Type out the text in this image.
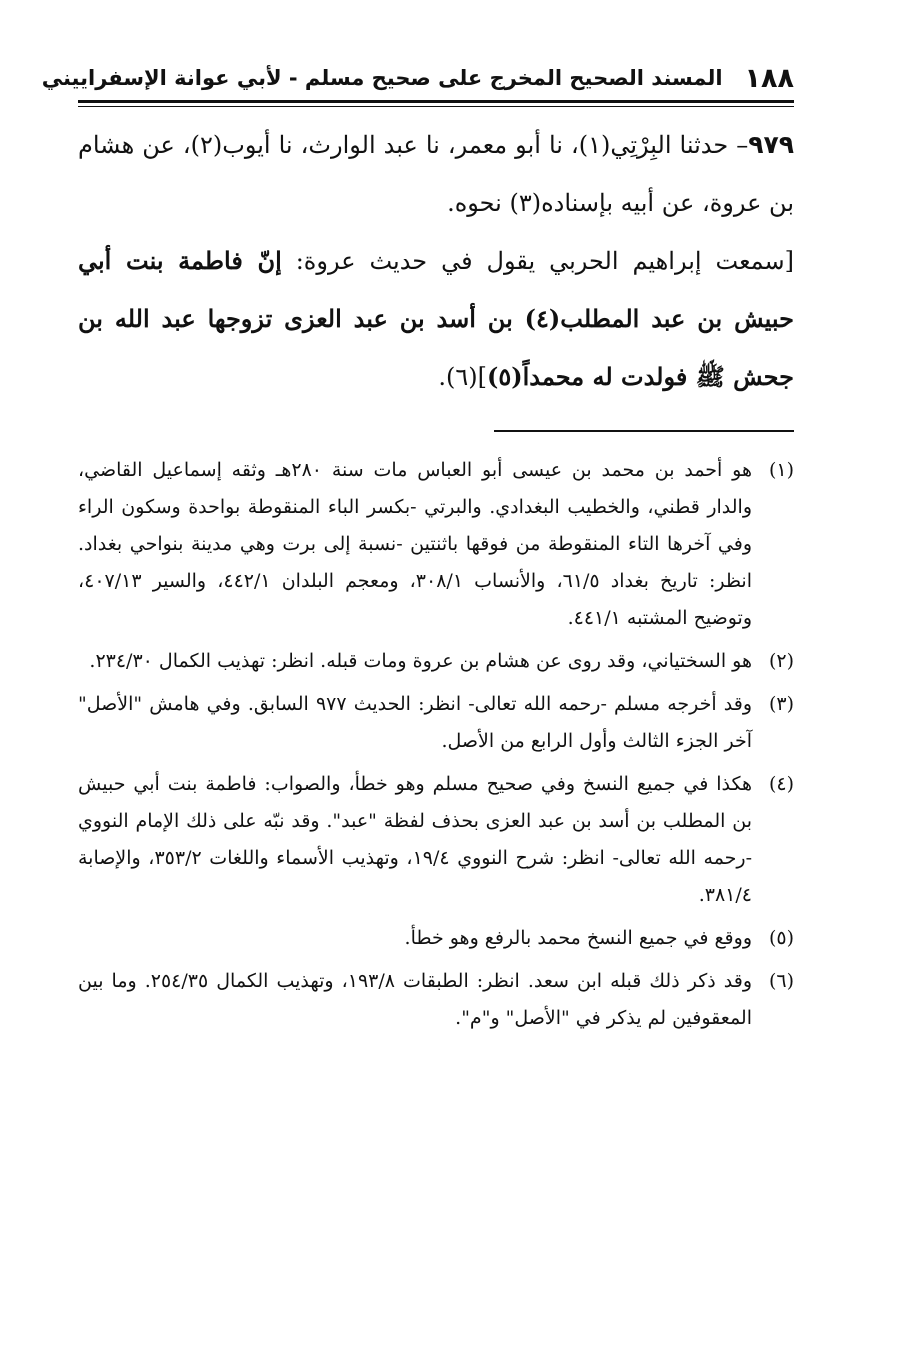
١٨٨
المسند الصحيح المخرج على صحيح مسلم - لأبي عوانة الإسفراييني

٩٧٩– حدثنا البِرْتِي(١)، نا أبو معمر، نا عبد الوارث، نا أيوب(٢)، عن هشام بن عروة، عن أبيه بإسناده(٣) نحوه.

[سمعت إبراهيم الحربي يقول في حديث عروة: إنّ فاطمة بنت أبي حبيش بن عبد المطلب(٤) بن أسد بن عبد العزى تزوجها عبد الله بن جحش ﷺ فولدت له محمداً(٥)](٦).

(١)
هو أحمد بن محمد بن عيسى أبو العباس مات سنة ٢٨٠هـ وثقه إسماعيل القاضي، والدار قطني، والخطيب البغدادي. والبرتي -بكسر الباء المنقوطة بواحدة وسكون الراء وفي آخرها التاء المنقوطة من فوقها باثنتين -نسبة إلى برت وهي مدينة بنواحي بغداد. انظر: تاريخ بغداد ٦١/٥، والأنساب ٣٠٨/١، ومعجم البلدان ٤٤٢/١، والسير ٤٠٧/١٣، وتوضيح المشتبه ٤٤١/١.
(٢)
هو السختياني، وقد روى عن هشام بن عروة ومات قبله. انظر: تهذيب الكمال ٢٣٤/٣٠.
(٣)
وقد أخرجه مسلم -رحمه الله تعالى- انظر: الحديث ٩٧٧ السابق. وفي هامش "الأصل" آخر الجزء الثالث وأول الرابع من الأصل.
(٤)
هكذا في جميع النسخ وفي صحيح مسلم وهو خطأ، والصواب: فاطمة بنت أبي حبيش بن المطلب بن أسد بن عبد العزى بحذف لفظة "عبد". وقد نبّه على ذلك الإمام النووي -رحمه الله تعالى- انظر: شرح النووي ١٩/٤، وتهذيب الأسماء واللغات ٣٥٣/٢، والإصابة ٣٨١/٤.
(٥)
ووقع في جميع النسخ محمد بالرفع وهو خطأ.
(٦)
وقد ذكر ذلك قبله ابن سعد. انظر: الطبقات ١٩٣/٨، وتهذيب الكمال ٢٥٤/٣٥. وما بين المعقوفين لم يذكر في "الأصل" و"م".
